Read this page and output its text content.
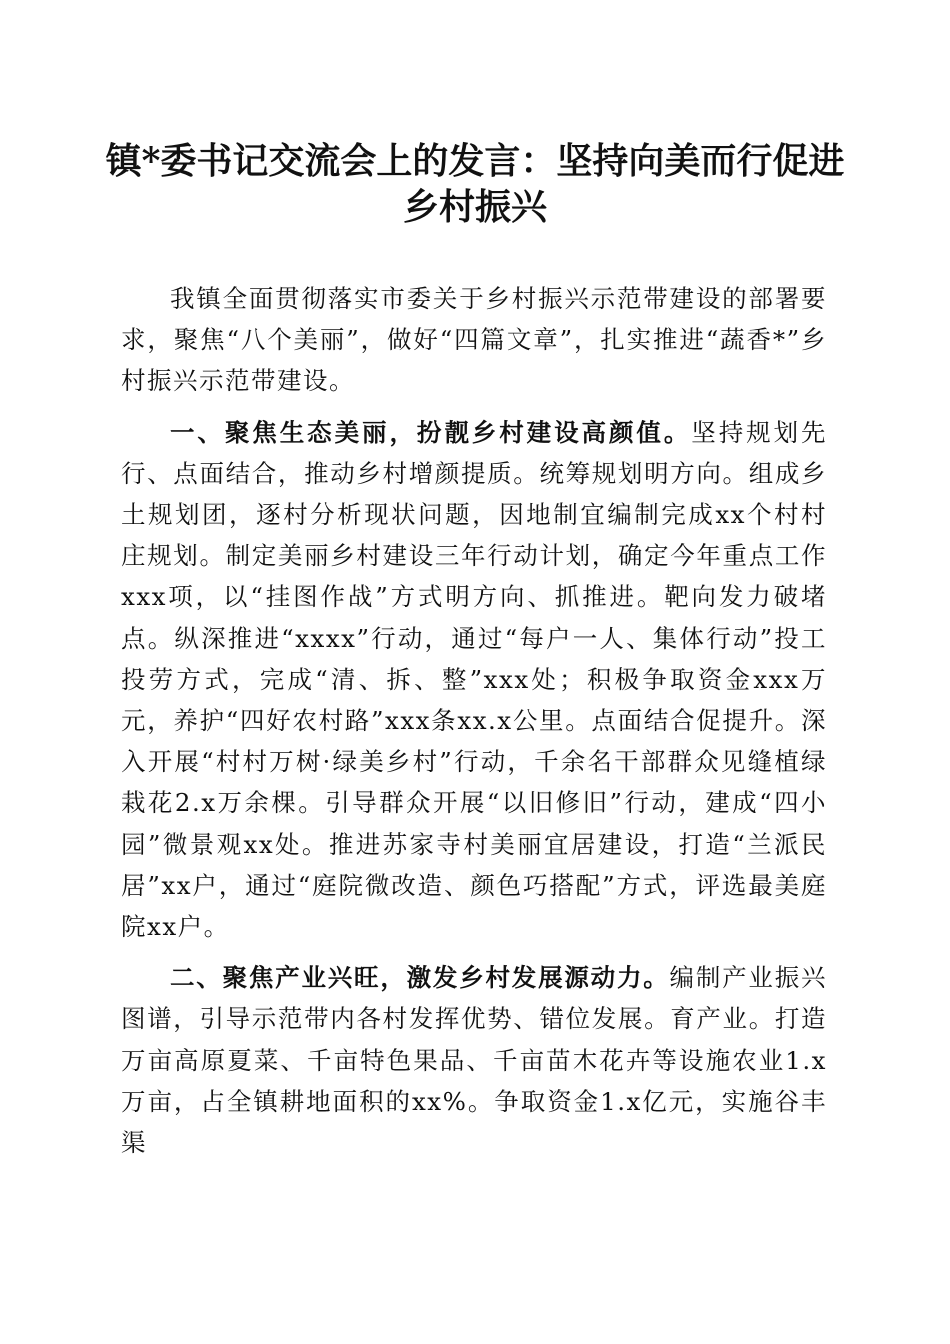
镇*委书记交流会上的发言：坚持向美而行促进乡村振兴

我镇全面贯彻落实市委关于乡村振兴示范带建设的部署要求，聚焦“八个美丽”，做好“四篇文章”，扎实推进“蔬香*”乡村振兴示范带建设。

一、聚焦生态美丽，扮靓乡村建设高颜值。坚持规划先行、点面结合，推动乡村增颜提质。统筹规划明方向。组成乡土规划团，逐村分析现状问题，因地制宜编制完成xx个村村庄规划。制定美丽乡村建设三年行动计划，确定今年重点工作xxx项，以“挂图作战”方式明方向、抓推进。靶向发力破堵点。纵深推进“xxxx”行动，通过“每户一人、集体行动”投工投劳方式，完成“清、拆、整”xxx处；积极争取资金xxx万元，养护“四好农村路”xxx条xx.x公里。点面结合促提升。深入开展“村村万树·绿美乡村”行动，千余名干部群众见缝植绿栽花2.x万余棵。引导群众开展“以旧修旧”行动，建成“四小园”微景观xx处。推进苏家寺村美丽宜居建设，打造“兰派民居”xx户，通过“庭院微改造、颜色巧搭配”方式，评选最美庭院xx户。

二、聚焦产业兴旺，激发乡村发展源动力。编制产业振兴图谱，引导示范带内各村发挥优势、错位发展。育产业。打造万亩高原夏菜、千亩特色果品、千亩苗木花卉等设施农业1.x万亩，占全镇耕地面积的xx%。争取资金1.x亿元，实施谷丰渠
